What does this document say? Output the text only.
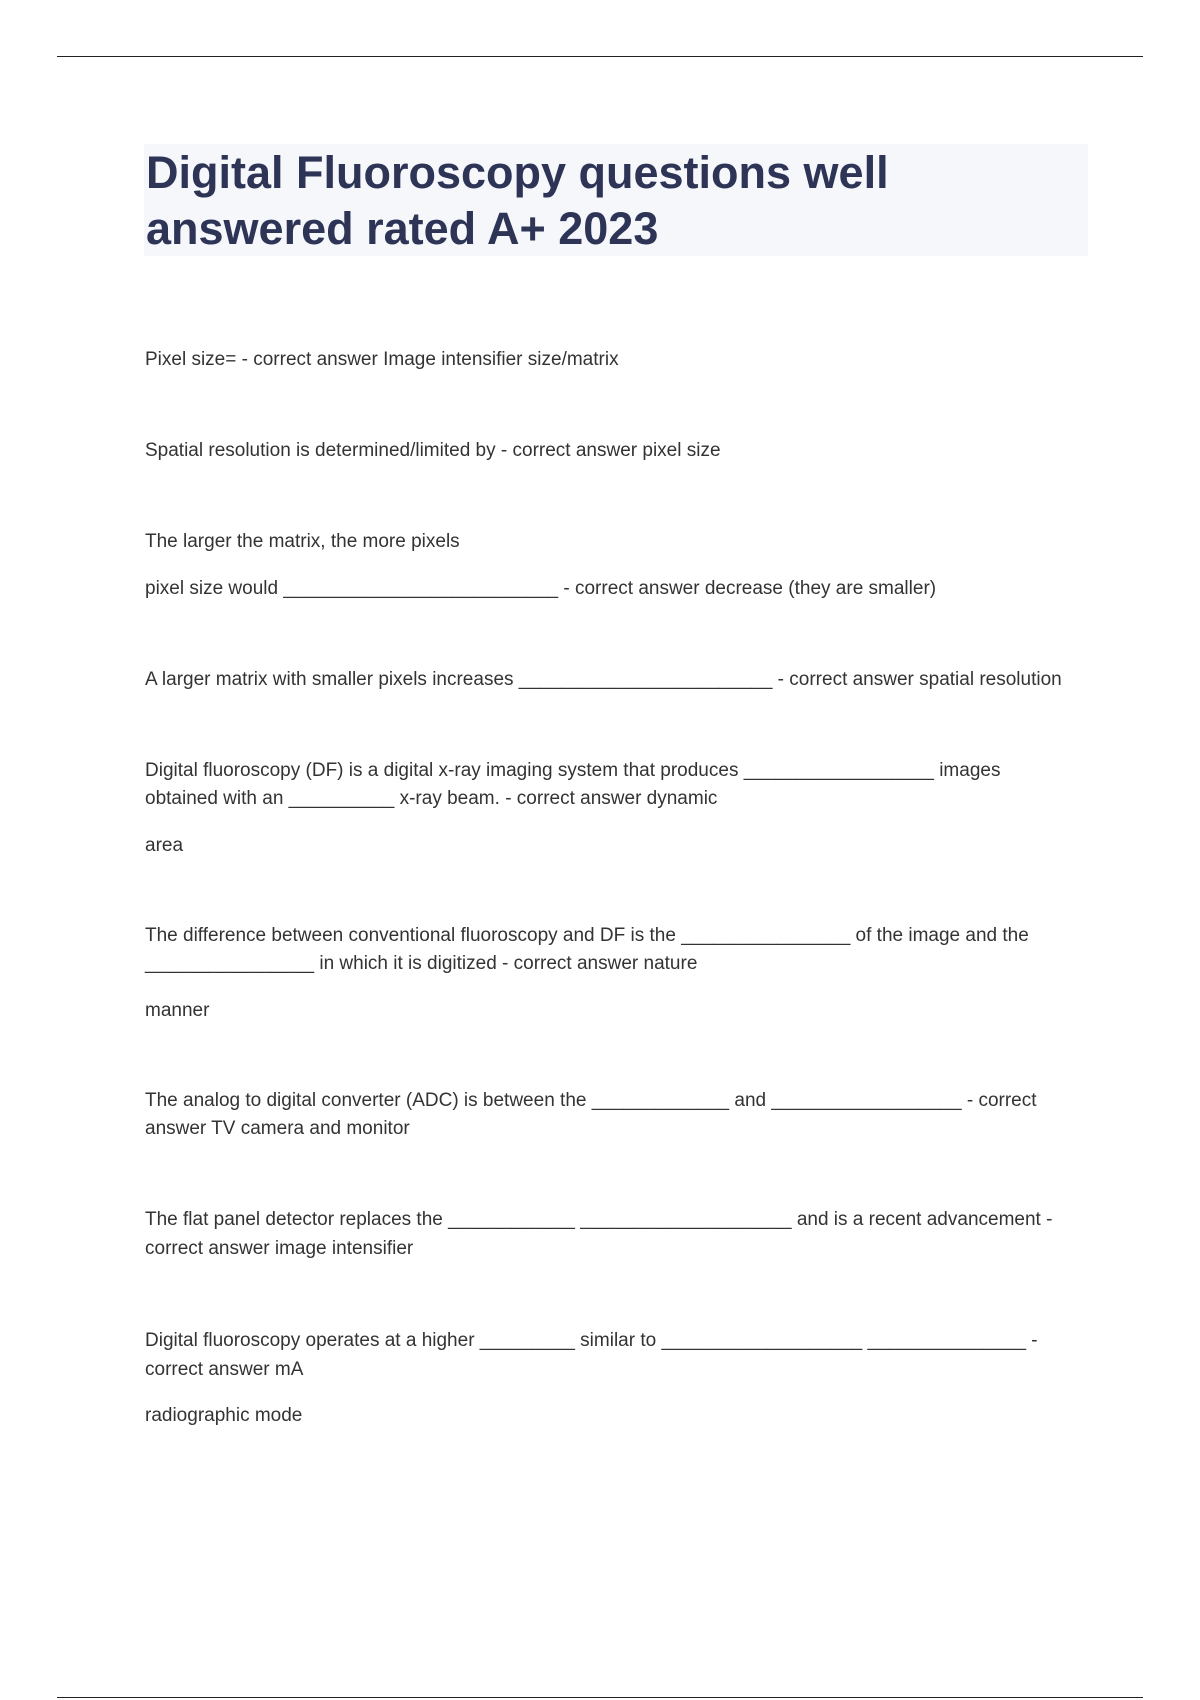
Digital Fluoroscopy questions well answered rated A+ 2023
Pixel size= - correct answer Image intensifier size/matrix
Spatial resolution is determined/limited by - correct answer pixel size
The larger the matrix, the more pixels
pixel size would __________________________ - correct answer decrease (they are smaller)
A larger matrix with smaller pixels increases ________________________ - correct answer spatial resolution
Digital fluoroscopy (DF) is a digital x-ray imaging system that produces __________________ images
obtained with an __________ x-ray beam. - correct answer dynamic
area
The difference between conventional fluoroscopy and DF is the ________________ of the image and the
________________ in which it is digitized - correct answer nature
manner
The analog to digital converter (ADC) is between the _____________ and __________________ - correct
answer TV camera and monitor
The flat panel detector replaces the ____________ ____________________ and is a recent advancement -
correct answer image intensifier
Digital fluoroscopy operates at a higher _________ similar to ___________________ _______________ -
correct answer mA
radiographic mode
